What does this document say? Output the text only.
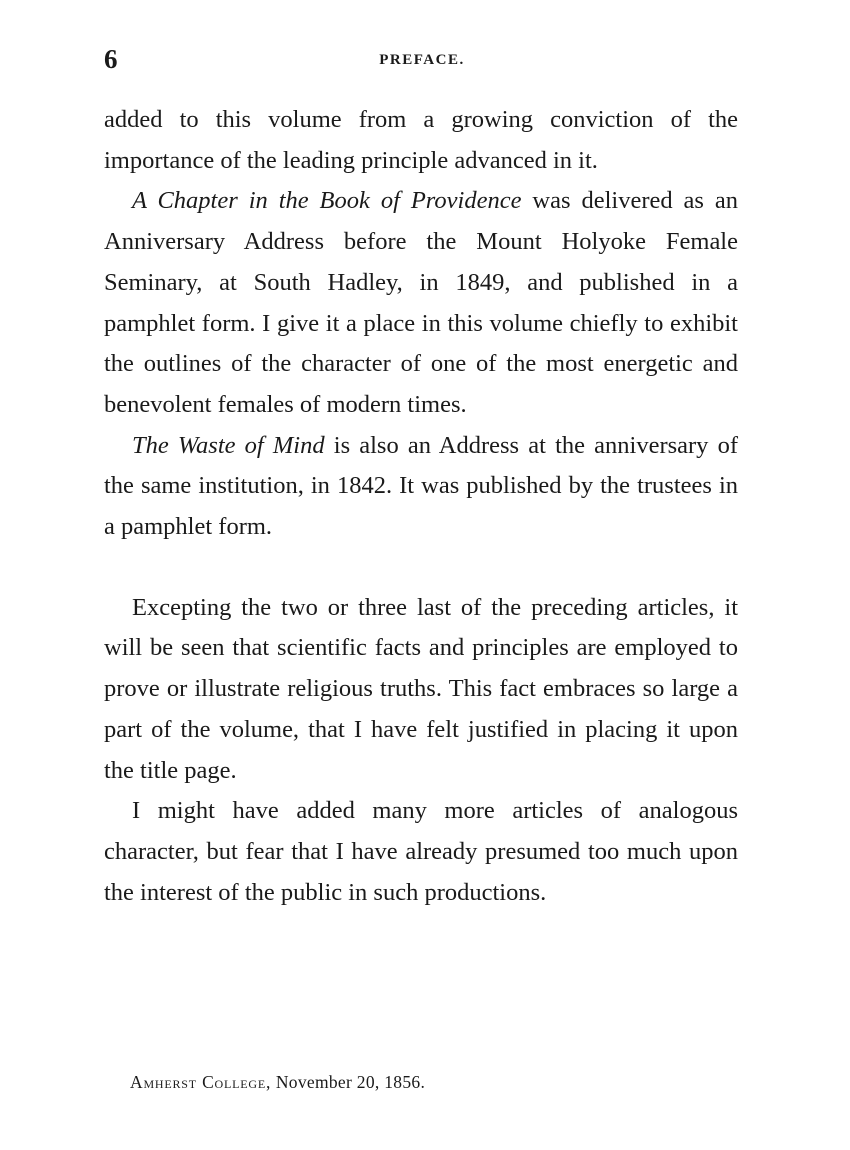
6	PREFACE.

added to this volume from a growing conviction of the importance of the leading principle advanced in it.

A Chapter in the Book of Providence was delivered as an Anniversary Address before the Mount Holyoke Female Seminary, at South Hadley, in 1849, and published in a pamphlet form. I give it a place in this volume chiefly to exhibit the outlines of the character of one of the most energetic and benevolent females of modern times.

The Waste of Mind is also an Address at the anniversary of the same institution, in 1842. It was published by the trustees in a pamphlet form.

Excepting the two or three last of the preceding articles, it will be seen that scientific facts and principles are employed to prove or illustrate religious truths. This fact embraces so large a part of the volume, that I have felt justified in placing it upon the title page.

I might have added many more articles of analogous character, but fear that I have already presumed too much upon the interest of the public in such productions.

Amherst College, November 20, 1856.
